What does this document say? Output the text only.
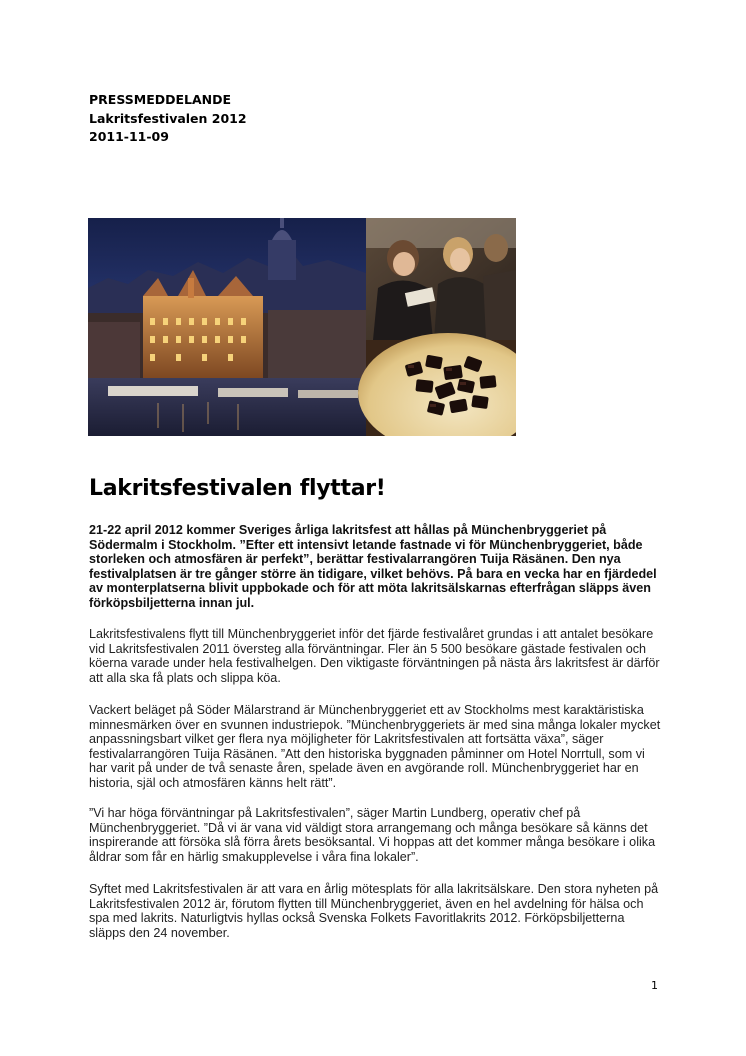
PRESSMEDDELANDE
Lakritsfestivalen 2012
2011-11-09
Lakritsfestivalen flyttar!
21-22 april 2012 kommer Sveriges årliga lakritsfest att hållas på Münchenbryggeriet på
Södermalm i Stockholm. ”Efter ett intensivt letande fastnade vi för Münchenbryggeriet, både
storleken och atmosfären är perfekt”, berättar festivalarrangören Tuija Räsänen. Den nya
festivalplatsen är tre gånger större än tidigare, vilket behövs. På bara en vecka har en fjärdedel
av monterplatserna blivit uppbokade och för att möta lakritsälskarnas efterfrågan släpps även
förköpsbiljetterna innan jul.
Lakritsfestivalens flytt till Münchenbryggeriet inför det fjärde festivalåret grundas i att antalet besökare
vid Lakritsfestivalen 2011 översteg alla förväntningar. Fler än 5 500 besökare gästade festivalen och
köerna varade under hela festivalhelgen. Den viktigaste förväntningen på nästa års lakritsfest är därför
att alla ska få plats och slippa köa.
Vackert beläget på Söder Mälarstrand är Münchenbryggeriet ett av Stockholms mest karaktäristiska
minnesmärken över en svunnen industriepok. ”Münchenbryggeriets är med sina många lokaler mycket
anpassningsbart vilket ger flera nya möjligheter för Lakritsfestivalen att fortsätta växa”, säger
festivalarrangören Tuija Räsänen. ”Att den historiska byggnaden påminner om Hotel Norrtull, som vi
har varit på under de två senaste åren, spelade även en avgörande roll. Münchenbryggeriet har en
historia, själ och atmosfären känns helt rätt”.
”Vi har höga förväntningar på Lakritsfestivalen”, säger Martin Lundberg, operativ chef på
Münchenbryggeriet. ”Då vi är vana vid väldigt stora arrangemang och många besökare så känns det
inspirerande att försöka slå förra årets besöksantal. Vi hoppas att det kommer många besökare i olika
åldrar som får en härlig smakupplevelse i våra fina lokaler”.
Syftet med Lakritsfestivalen är att vara en årlig mötesplats för alla lakritsälskare. Den stora nyheten på
Lakritsfestivalen 2012 är, förutom flytten till Münchenbryggeriet, även en hel avdelning för hälsa och
spa med lakrits. Naturligtvis hyllas också Svenska Folkets Favoritlakrits 2012. Förköpsbiljetterna
släpps den 24 november.
1
